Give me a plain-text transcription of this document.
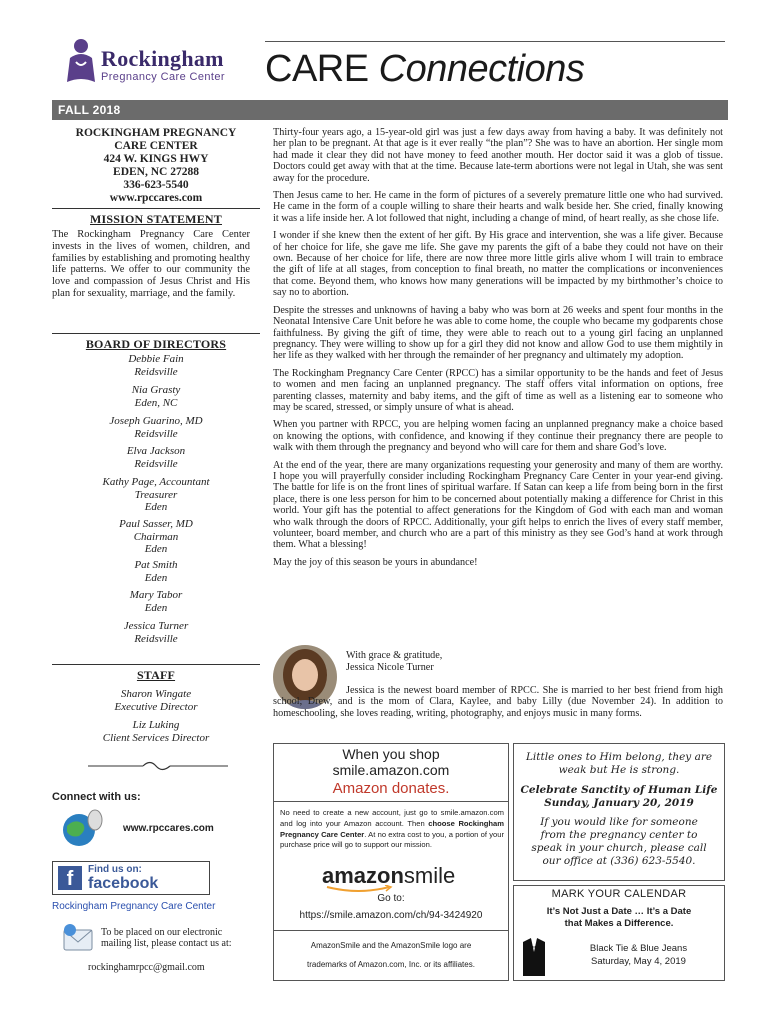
Rockingham
Pregnancy Care Center CARE Connections
FALL 2018
ROCKINGHAM PREGNANCY
CARE CENTER
424 W. KINGS HWY
EDEN, NC 27288
336-623-5540
www.rpccares.com
MISSION STATEMENT
The Rockingham Pregnancy Care Center invests in the lives of women, children, and families by establishing and promoting healthy life patterns. We offer to our community the love and compassion of Jesus Christ and His plan for sexuality, marriage, and the family.
BOARD OF DIRECTORS
Debbie Fain
Reidsville
Nia Grasty
Eden, NC
Joseph Guarino, MD
Reidsville
Elva Jackson
Reidsville
Kathy Page, Accountant
Treasurer
Eden
Paul Sasser, MD
Chairman
Eden
Pat Smith
Eden
Mary Tabor
Eden
Jessica Turner
Reidsville
STAFF
Sharon Wingate
Executive Director
Liz Luking
Client Services Director
Connect with us:
www.rpccares.com
f	Find us on:
facebook
Rockingham Pregnancy Care Center
To be placed on our electronic mailing list, please contact us at:
rockinghamrpcc@gmail.com

Thirty-four years ago, a 15-year-old girl was just a few days away from having a baby. It was definitely not her plan to be pregnant. At that age is it ever really “the plan”? She was to have an abortion. Her single mom had made it clear they did not have money to feed another mouth. Her doctor said it was a glob of tissue. Doctors could get away with that at the time. Because late-term abortions were not legal in Utah, she was sent away for the procedure.

Then Jesus came to her. He came in the form of pictures of a severely premature little one who had survived. He came in the form of a couple willing to share their hearts and walk beside her. She cried, finally knowing it was a life inside her. A lot followed that night, including a change of mind, of heart really, as she chose life.

I wonder if she knew then the extent of her gift. By His grace and intervention, she was a life giver. Because of her choice for life, she gave me life. She gave my parents the gift of a babe they could not have on their own. Because of her choice for life, there are now three more little girls alive whom I will train to embrace the gift of life at all stages, from conception to final breath, no matter the complications or inconveniences that come. Beyond them, who knows how many generations will be impacted by my birthmother’s choice to say no to abortion.

Despite the stresses and unknowns of having a baby who was born at 26 weeks and spent four months in the Neonatal Intensive Care Unit before he was able to come home, the couple who became my godparents chose faithfulness. By giving the gift of time, they were able to reach out to a young girl facing an unplanned pregnancy. They were willing to show up for a girl they did not know and allow God to use them mightily in her life as they walked with her through the remainder of her pregnancy and ultimately my adoption.

The Rockingham Pregnancy Care Center (RPCC) has a similar opportunity to be the hands and feet of Jesus to women and men facing an unplanned pregnancy. The staff offers vital information on options, free parenting classes, maternity and baby items, and the gift of time as well as a listening ear to someone who may be scared, stressed, or simply unsure of what is ahead.

When you partner with RPCC, you are helping women facing an unplanned pregnancy make a choice based on knowing the options, with confidence, and knowing if they continue their pregnancy there are people to walk with them through the pregnancy and beyond who will care for them and share God’s love.

At the end of the year, there are many organizations requesting your generosity and many of them are worthy. I hope you will prayerfully consider including Rockingham Pregnancy Care Center in your year-end giving. The battle for life is on the front lines of spiritual warfare. If Satan can keep a life from being born in the first place, there is one less person for him to be concerned about potentially making a difference for Christ in this world. Your gift has the potential to affect generations for the Kingdom of God with each man and woman who walk through the doors of RPCC. Additionally, your gift helps to enrich the lives of every staff member, volunteer, board member, and church who are a part of this ministry as they see God’s hand at work through them. What a blessing!

May the joy of this season be yours in abundance!

With grace & gratitude,
Jessica Nicole Turner
Jessica is the newest board member of RPCC. She is married to her best friend from high school, Drew, and is the mom of Clara, Kaylee, and baby Lilly (due November 24). In addition to homeschooling, she loves reading, writing, photography, and enjoys music in many forms.
When you shop
smile.amazon.com
Amazon donates.
No need to create a new account, just go to smile.amazon.com and log into your Amazon account. Then choose Rockingham Pregnancy Care Center. At no extra cost to you, a portion of your purchase price will go to support our mission.
amazonsmile
Go to:
https://smile.amazon.com/ch/94-3424920
AmazonSmile and the AmazonSmile logo are
trademarks of Amazon.com, Inc. or its affiliates.
Little ones to Him belong, they are
weak but He is strong.
Celebrate Sanctity of Human Life
Sunday, January 20, 2019
If you would like for someone
from the pregnancy center to
speak in your church, please call
our office at (336) 623-5540.
MARK YOUR CALENDAR
It’s Not Just a Date … It’s a Date
that Makes a Difference.
Black Tie & Blue Jeans
Saturday, May 4, 2019
